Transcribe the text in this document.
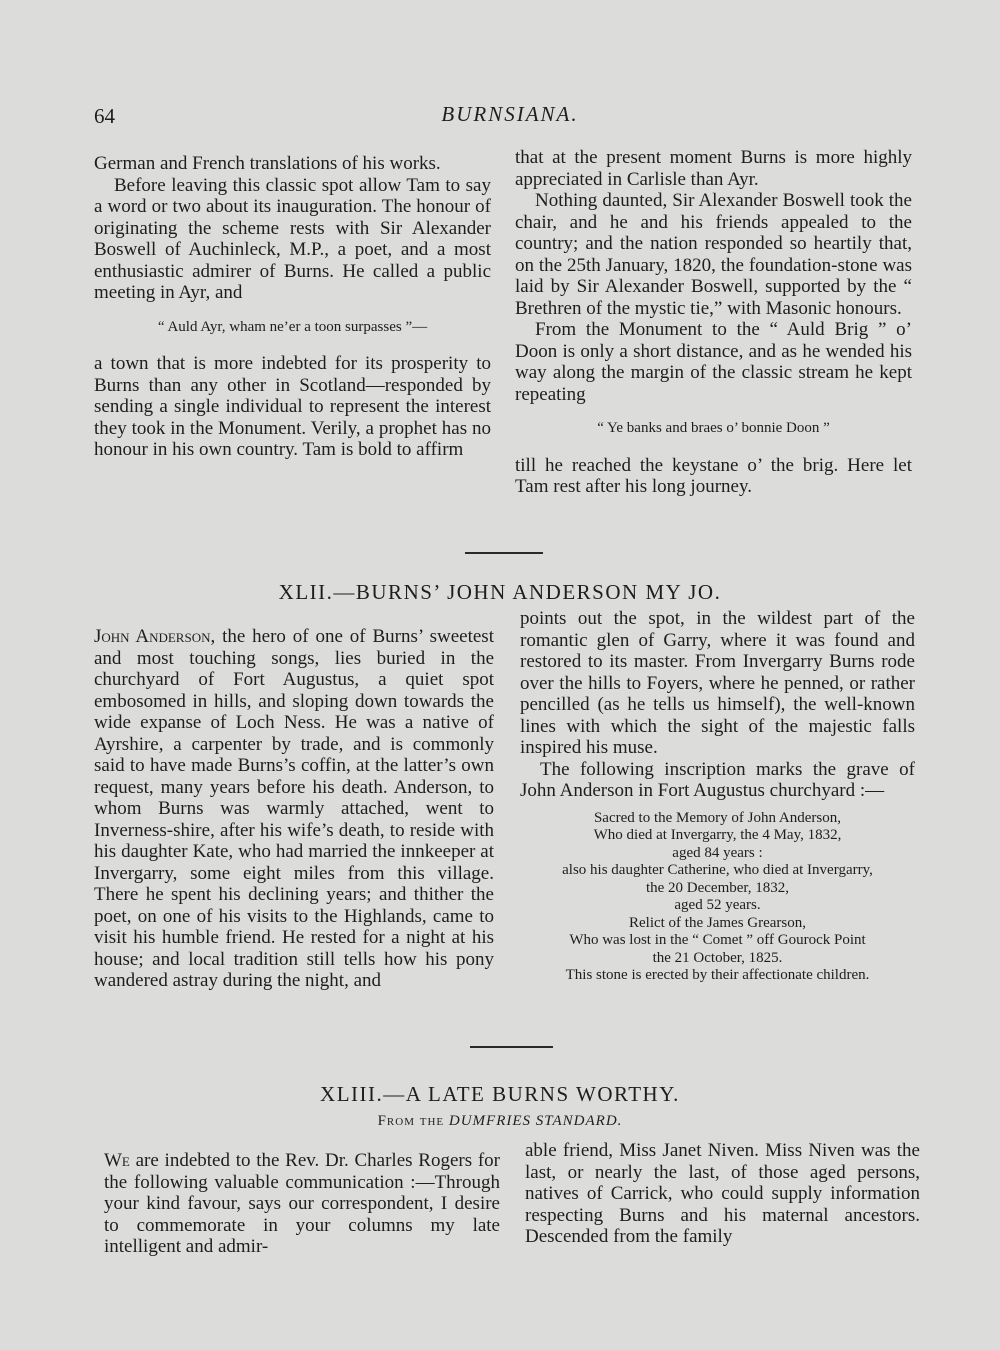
64	BURNSIANA.

German and French translations of his works.

Before leaving this classic spot allow Tam to say a word or two about its inauguration. The honour of originating the scheme rests with Sir Alexander Boswell of Auchinleck, M.P., a poet, and a most enthusiastic admirer of Burns. He called a public meeting in Ayr, and

“ Auld Ayr, wham ne’er a toon surpasses ”—

a town that is more indebted for its prosperity to Burns than any other in Scotland—responded by sending a single individual to represent the interest they took in the Monument. Verily, a prophet has no honour in his own country. Tam is bold to affirm

that at the present moment Burns is more highly appreciated in Carlisle than Ayr.

Nothing daunted, Sir Alexander Boswell took the chair, and he and his friends appealed to the country; and the nation responded so heartily that, on the 25th January, 1820, the foundation-stone was laid by Sir Alexander Boswell, supported by the “ Brethren of the mystic tie,” with Masonic honours.

From the Monument to the “ Auld Brig ” o’ Doon is only a short distance, and as he wended his way along the margin of the classic stream he kept repeating

“ Ye banks and braes o’ bonnie Doon ”

till he reached the keystane o’ the brig. Here let Tam rest after his long journey.

XLII.—BURNS’ JOHN ANDERSON MY JO.

John Anderson, the hero of one of Burns’ sweetest and most touching songs, lies buried in the churchyard of Fort Augustus, a quiet spot embosomed in hills, and sloping down towards the wide expanse of Loch Ness. He was a native of Ayrshire, a carpenter by trade, and is commonly said to have made Burns’s coffin, at the latter’s own request, many years before his death. Anderson, to whom Burns was warmly attached, went to Inverness-shire, after his wife’s death, to reside with his daughter Kate, who had married the innkeeper at Invergarry, some eight miles from this village. There he spent his declining years; and thither the poet, on one of his visits to the Highlands, came to visit his humble friend. He rested for a night at his house; and local tradition still tells how his pony wandered astray during the night, and

points out the spot, in the wildest part of the romantic glen of Garry, where it was found and restored to its master. From Invergarry Burns rode over the hills to Foyers, where he penned, or rather pencilled (as he tells us himself), the well-known lines with which the sight of the majestic falls inspired his muse.

The following inscription marks the grave of John Anderson in Fort Augustus churchyard :—

Sacred to the Memory of John Anderson,
Who died at Invergarry, the 4 May, 1832,
aged 84 years :
also his daughter Catherine, who died at Invergarry,
the 20 December, 1832,
aged 52 years.
Relict of the James Grearson,
Who was lost in the “ Comet ” off Gourock Point
the 21 October, 1825.
This stone is erected by their affectionate children.
XLIII.—A LATE BURNS WORTHY.
From the DUMFRIES STANDARD.

We are indebted to the Rev. Dr. Charles Rogers for the following valuable communication :—Through your kind favour, says our correspondent, I desire to commemorate in your columns my late intelligent and admir-

able friend, Miss Janet Niven. Miss Niven was the last, or nearly the last, of those aged persons, natives of Carrick, who could supply information respecting Burns and his maternal ancestors. Descended from the family
